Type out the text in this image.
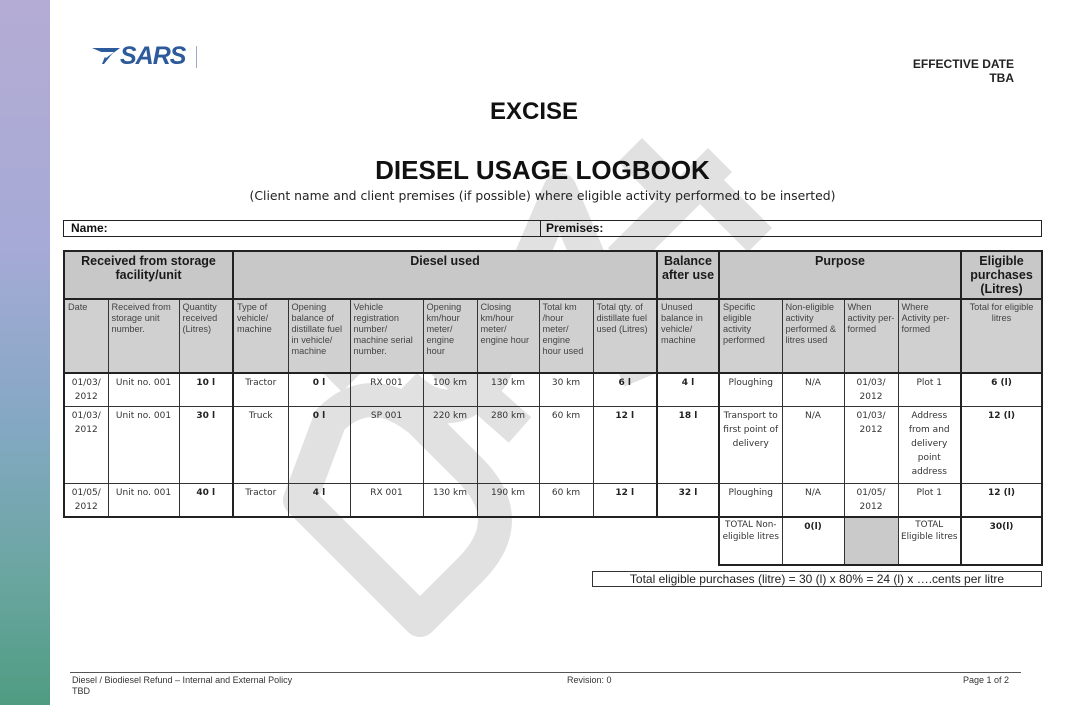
SARS	EFFECTIVE DATE
TBA
EXCISE
DIESEL USAGE LOGBOOK
(Client name and client premises (if possible) where eligible activity performed to be inserted)
Name:	Premises:
Received from storage facility/unit			Diesel used							Balance after use	Purpose				Eligible purchases (Litres)
Date	Received from storage unit number.	Quantity received (Litres)	Type of vehicle/ machine	Opening balance of distillate fuel in vehicle/ machine	Vehicle registration number/ machine serial number.	Opening km/hour meter/ engine hour	Closing km/hour meter/ engine hour	Total km /hour meter/ engine hour used	Total qty. of distillate fuel used (Litres)	Unused balance in vehicle/ machine	Specific eligible activity performed	Non-eligible activity performed & litres used	When activity per-formed	Where Activity per-formed	Total for eligible litres
01/03/ 2012	Unit no. 001	10 l	Tractor	0 l	RX 001	100 km	130 km	30 km	6 l	4 l	Ploughing	N/A	01/03/ 2012	Plot 1	6 (l)
01/03/ 2012	Unit no. 001	30 l	Truck	0 l	SP 001	220 km	280 km	60 km	12 l	18 l	Transport to first point of delivery	N/A	01/03/ 2012	Address from and delivery point address	12 (l)
01/05/ 2012	Unit no. 001	40 l	Tractor	4 l	RX 001	130 km	190 km	60 km	12 l	32 l	Ploughing	N/A	01/05/ 2012	Plot 1	12 (l)
											TOTAL Non-eligible litres	0(l)		TOTAL Eligible litres	30(l)
Total eligible purchases (litre) = 30 (l) x 80% = 24 (l) x ….cents per litre
Diesel / Biodiesel Refund – Internal and External Policy
TBD
Revision: 0	Page 1 of 2
